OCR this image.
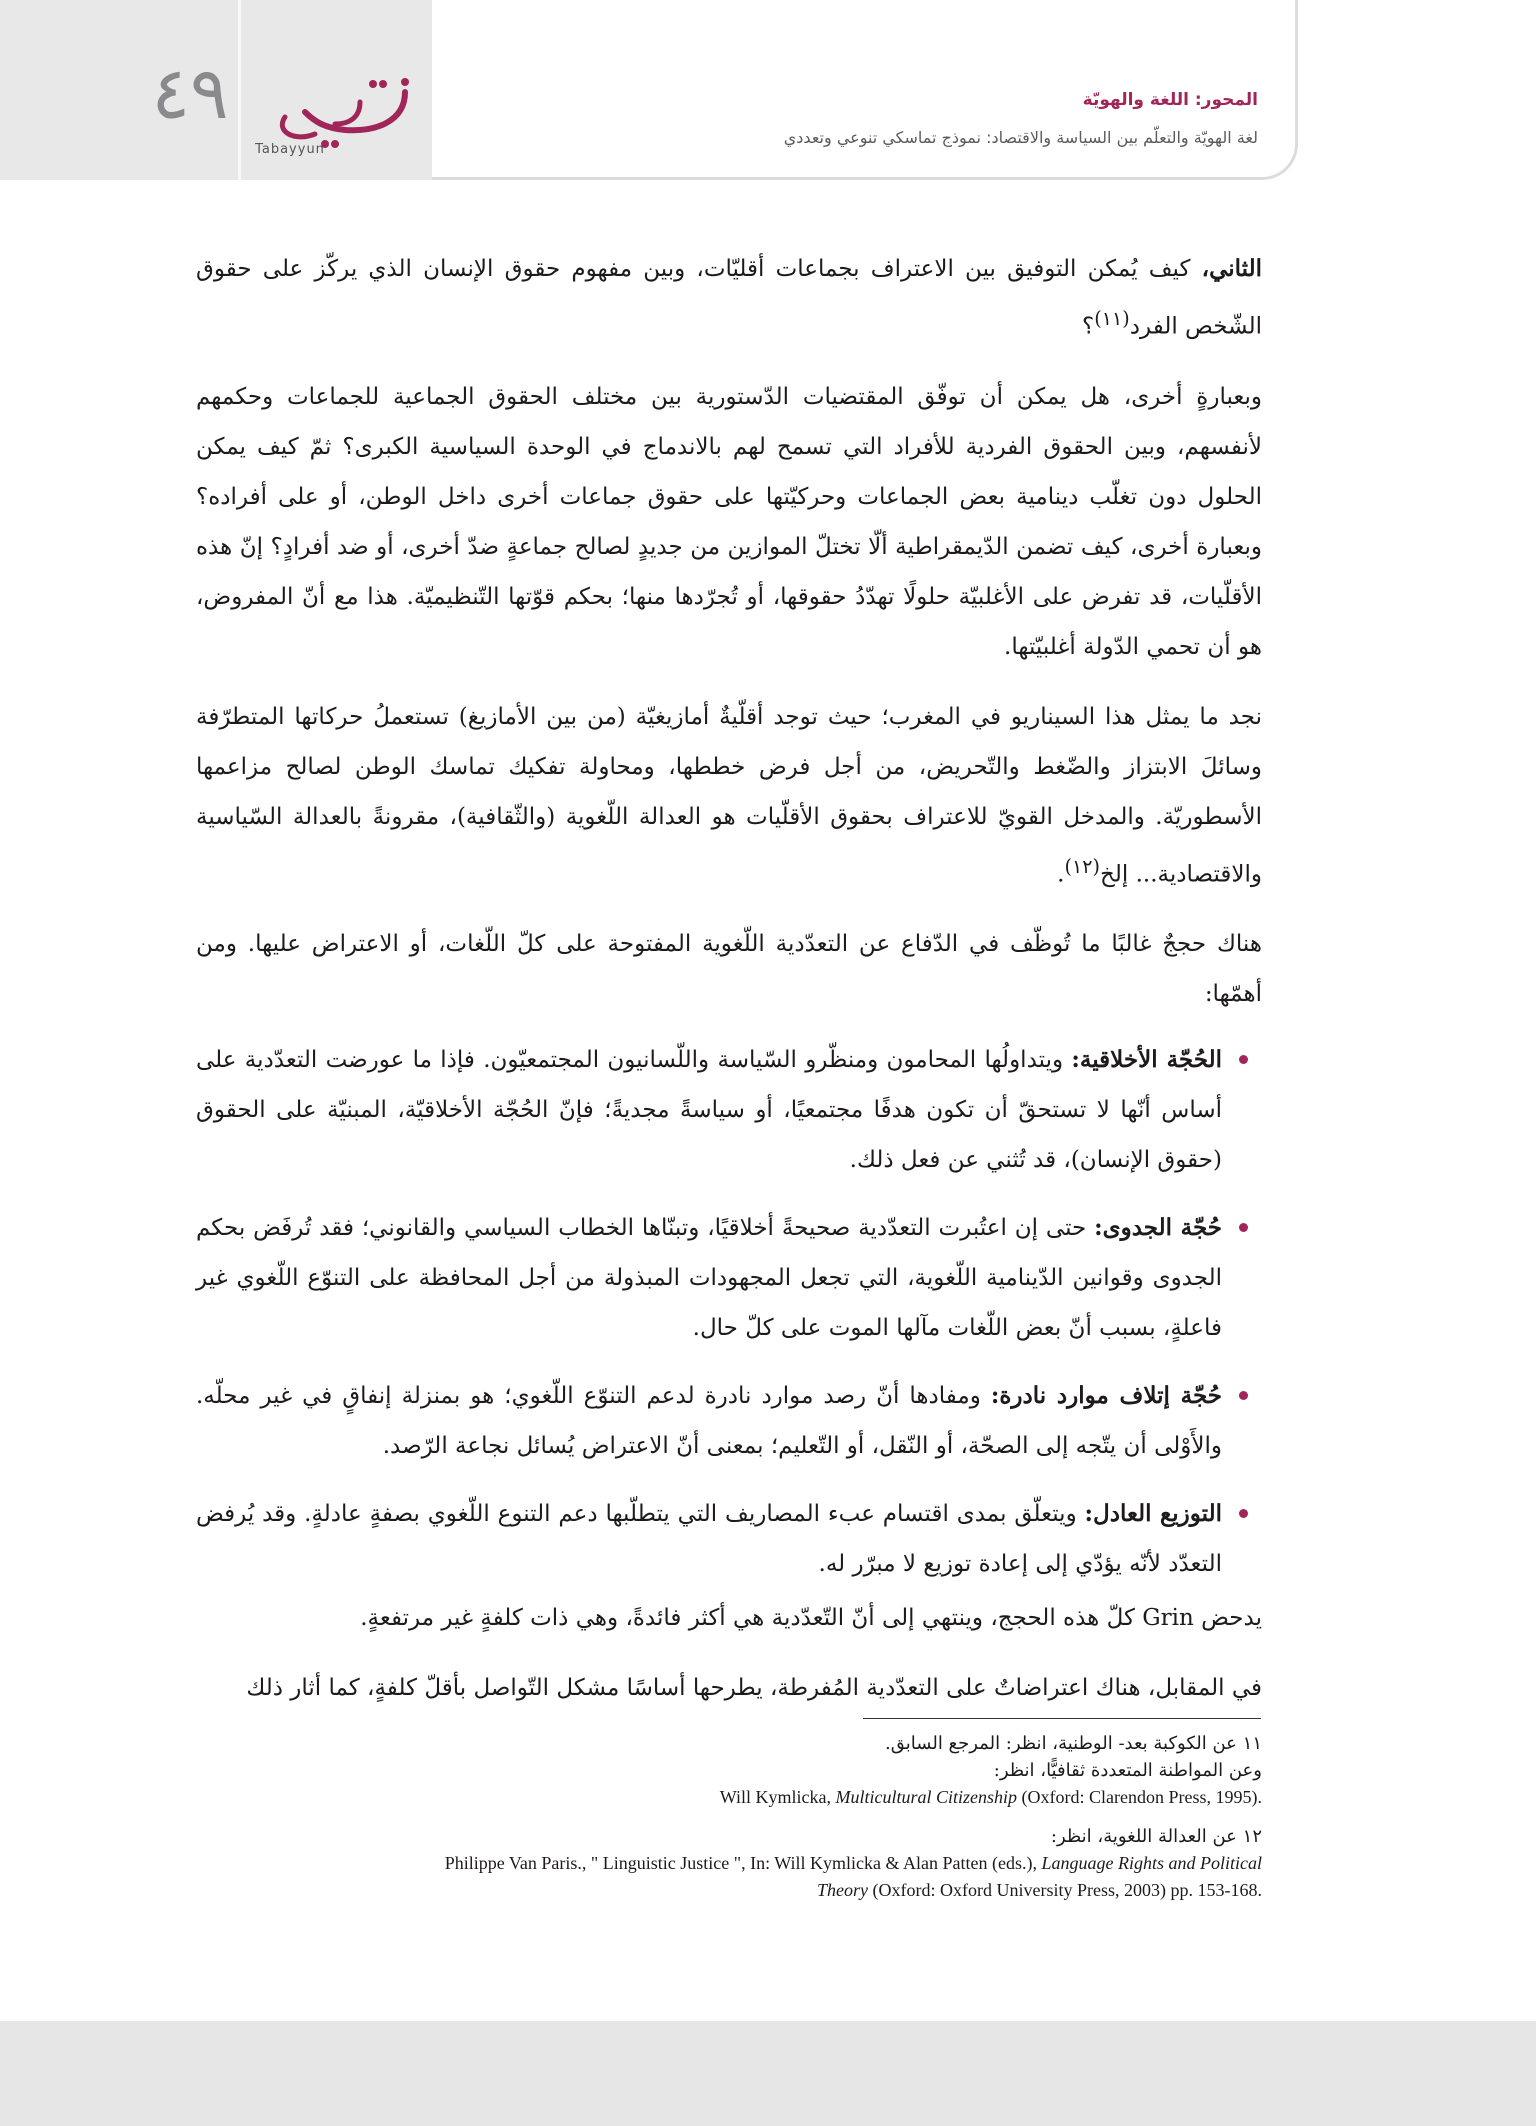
٤٩
Tabayyun
المحور: اللغة والهويّة
لغة الهويّة والتعلّم بين السياسة والاقتصاد: نموذج تماسكي تنوعي وتعددي

الثاني، كيف يُمكن التوفيق بين الاعتراف بجماعات أقليّات، وبين مفهوم حقوق الإنسان الذي يركّز على حقوق الشّخص الفرد$^{(١١)}$؟

وبعبارةٍ أخرى، هل يمكن أن توفّق المقتضيات الدّستورية بين مختلف الحقوق الجماعية للجماعات وحكمهم لأنفسهم، وبين الحقوق الفردية للأفراد التي تسمح لهم بالاندماج في الوحدة السياسية الكبرى؟ ثمّ كيف يمكن الحلول دون تغلّب دينامية بعض الجماعات وحركيّتها على حقوق جماعات أخرى داخل الوطن، أو على أفراده؟ وبعبارة أخرى، كيف تضمن الدّيمقراطية ألّا تختلّ الموازين من جديدٍ لصالح جماعةٍ ضدّ أخرى، أو ضد أفرادٍ؟ إنّ هذه الأقلّيات، قد تفرض على الأغلبيّة حلولًا تهدّدُ حقوقها، أو تُجرّدها منها؛ بحكم قوّتها التّنظيميّة. هذا مع أنّ المفروض، هو أن تحمي الدّولة أغلبيّتها.

نجد ما يمثل هذا السيناريو في المغرب؛ حيث توجد أقلّيةٌ أمازيغيّة (من بين الأمازيغ) تستعملُ حركاتها المتطرّفة وسائلَ الابتزاز والضّغط والتّحريض، من أجل فرض خططها، ومحاولة تفكيك تماسك الوطن لصالح مزاعمها الأسطوريّة. والمدخل القويّ للاعتراف بحقوق الأقلّيات هو العدالة اللّغوية (والثّقافية)، مقرونةً بالعدالة السّياسية والاقتصادية... إلخ$^{(١٢)}$.

هناك حججٌ غالبًا ما تُوظّف في الدّفاع عن التعدّدية اللّغوية المفتوحة على كلّ اللّغات، أو الاعتراض عليها. ومن أهمّها:

الحُجّة الأخلاقية: ويتداولُها المحامون ومنظّرو السّياسة واللّسانيون المجتمعيّون. فإذا ما عورضت التعدّدية على أساس أنّها لا تستحقّ أن تكون هدفًا مجتمعيًا، أو سياسةً مجديةً؛ فإنّ الحُجّة الأخلاقيّة، المبنيّة على الحقوق (حقوق الإنسان)، قد تُثني عن فعل ذلك.
حُجّة الجدوى: حتى إن اعتُبرت التعدّدية صحيحةً أخلاقيًا، وتبنّاها الخطاب السياسي والقانوني؛ فقد تُرفَض بحكم الجدوى وقوانين الدّينامية اللّغوية، التي تجعل المجهودات المبذولة من أجل المحافظة على التنوّع اللّغوي غير فاعلةٍ، بسبب أنّ بعض اللّغات مآلها الموت على كلّ حال.
حُجّة إتلاف موارد نادرة: ومفادها أنّ رصد موارد نادرة لدعم التنوّع اللّغوي؛ هو بمنزلة إنفاقٍ في غير محلّه. والأَوْلى أن يتّجه إلى الصحّة، أو النّقل، أو التّعليم؛ بمعنى أنّ الاعتراض يُسائل نجاعة الرّصد.
التوزيع العادل: ويتعلّق بمدى اقتسام عبء المصاريف التي يتطلّبها دعم التنوع اللّغوي بصفةٍ عادلةٍ. وقد يُرفض التعدّد لأنّه يؤدّي إلى إعادة توزيع لا مبرّر له.

يدحض Grin كلّ هذه الحجج، وينتهي إلى أنّ التّعدّدية هي أكثر فائدةً، وهي ذات كلفةٍ غير مرتفعةٍ.

في المقابل، هناك اعتراضاتٌ على التعدّدية المُفرطة، يطرحها أساسًا مشكل التّواصل بأقلّ كلفةٍ، كما أثار ذلك

١١ عن الكوكبة بعد- الوطنية، انظر: المرجع السابق.
وعن المواطنة المتعددة ثقافيًّا، انظر:
Will Kymlicka, Multicultural Citizenship (Oxford: Clarendon Press, 1995).
١٢ عن العدالة اللغوية، انظر:
Philippe Van Paris., " Linguistic Justice ", In: Will Kymlicka & Alan Patten (eds.), Language Rights and Political
Theory (Oxford: Oxford University Press, 2003) pp. 153-168.
